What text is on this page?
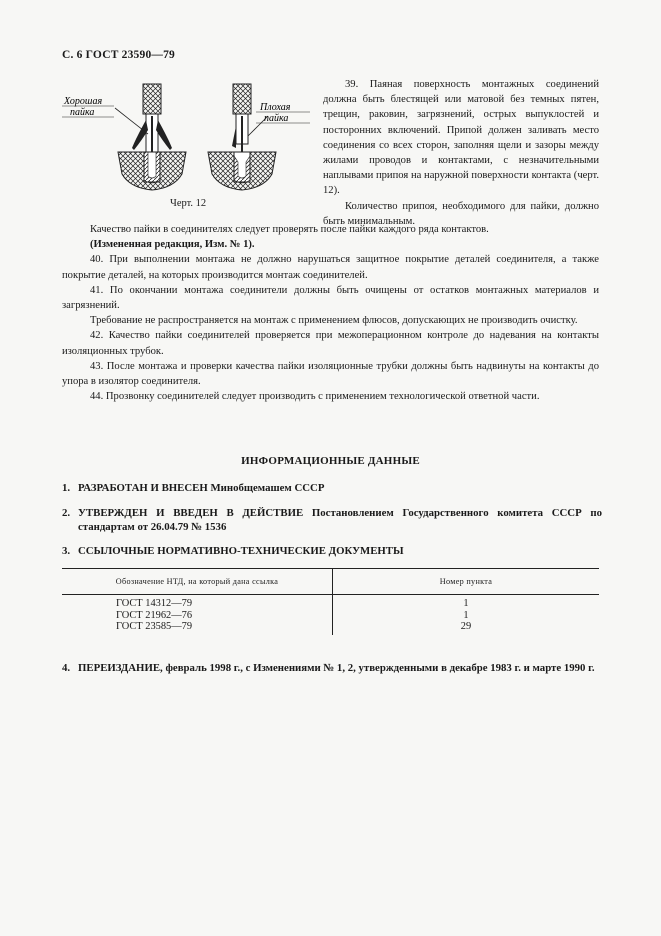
С. 6 ГОСТ 23590—79
Хорошая
пайка	Плохая
пайка
Черт. 12

39. Паяная поверхность монтажных соединений должна быть блестящей или матовой без темных пятен, трещин, раковин, загрязнений, острых выпуклостей и посторонних включений. Припой должен заливать место соединения со всех сторон, заполняя щели и зазоры между жилами проводов и контактами, с незначительными наплывами припоя на наружной поверхности контакта (черт. 12).

Количество припоя, необходимого для пайки, должно быть минимальным.

Качество пайки в соединителях следует проверять после пайки каждого ряда контактов.

(Измененная редакция, Изм. № 1).

40. При выполнении монтажа не должно нарушаться защитное покрытие деталей соединителя, а также покрытие деталей, на которых производится монтаж соединителей.

41. По окончании монтажа соединители должны быть очищены от остатков монтажных материалов и загрязнений.

Требование не распространяется на монтаж с применением флюсов, допускающих не производить очистку.

42. Качество пайки соединителей проверяется при межоперационном контроле до надевания на контакты изоляционных трубок.

43. После монтажа и проверки качества пайки изоляционные трубки должны быть надвинуты на контакты до упора в изолятор соединителя.

44. Прозвонку соединителей следует производить с применением технологической ответной части.

ИНФОРМАЦИОННЫЕ ДАННЫЕ
1. РАЗРАБОТАН И ВНЕСЕН Минобщемашем СССР
2. УТВЕРЖДЕН И ВВЕДЕН В ДЕЙСТВИЕ Постановлением Государственного комитета СССР по стандартам от 26.04.79 № 1536
3. ССЫЛОЧНЫЕ НОРМАТИВНО-ТЕХНИЧЕСКИЕ ДОКУМЕНТЫ
Обозначение НТД, на который дана ссылка	Номер пункта
ГОСТ 14312—79
ГОСТ 21962—76
ГОСТ 23585—79
1
1
29
4. ПЕРЕИЗДАНИЕ, февраль 1998 г., с Изменениями № 1, 2, утвержденными в декабре 1983 г. и марте 1990 г.
